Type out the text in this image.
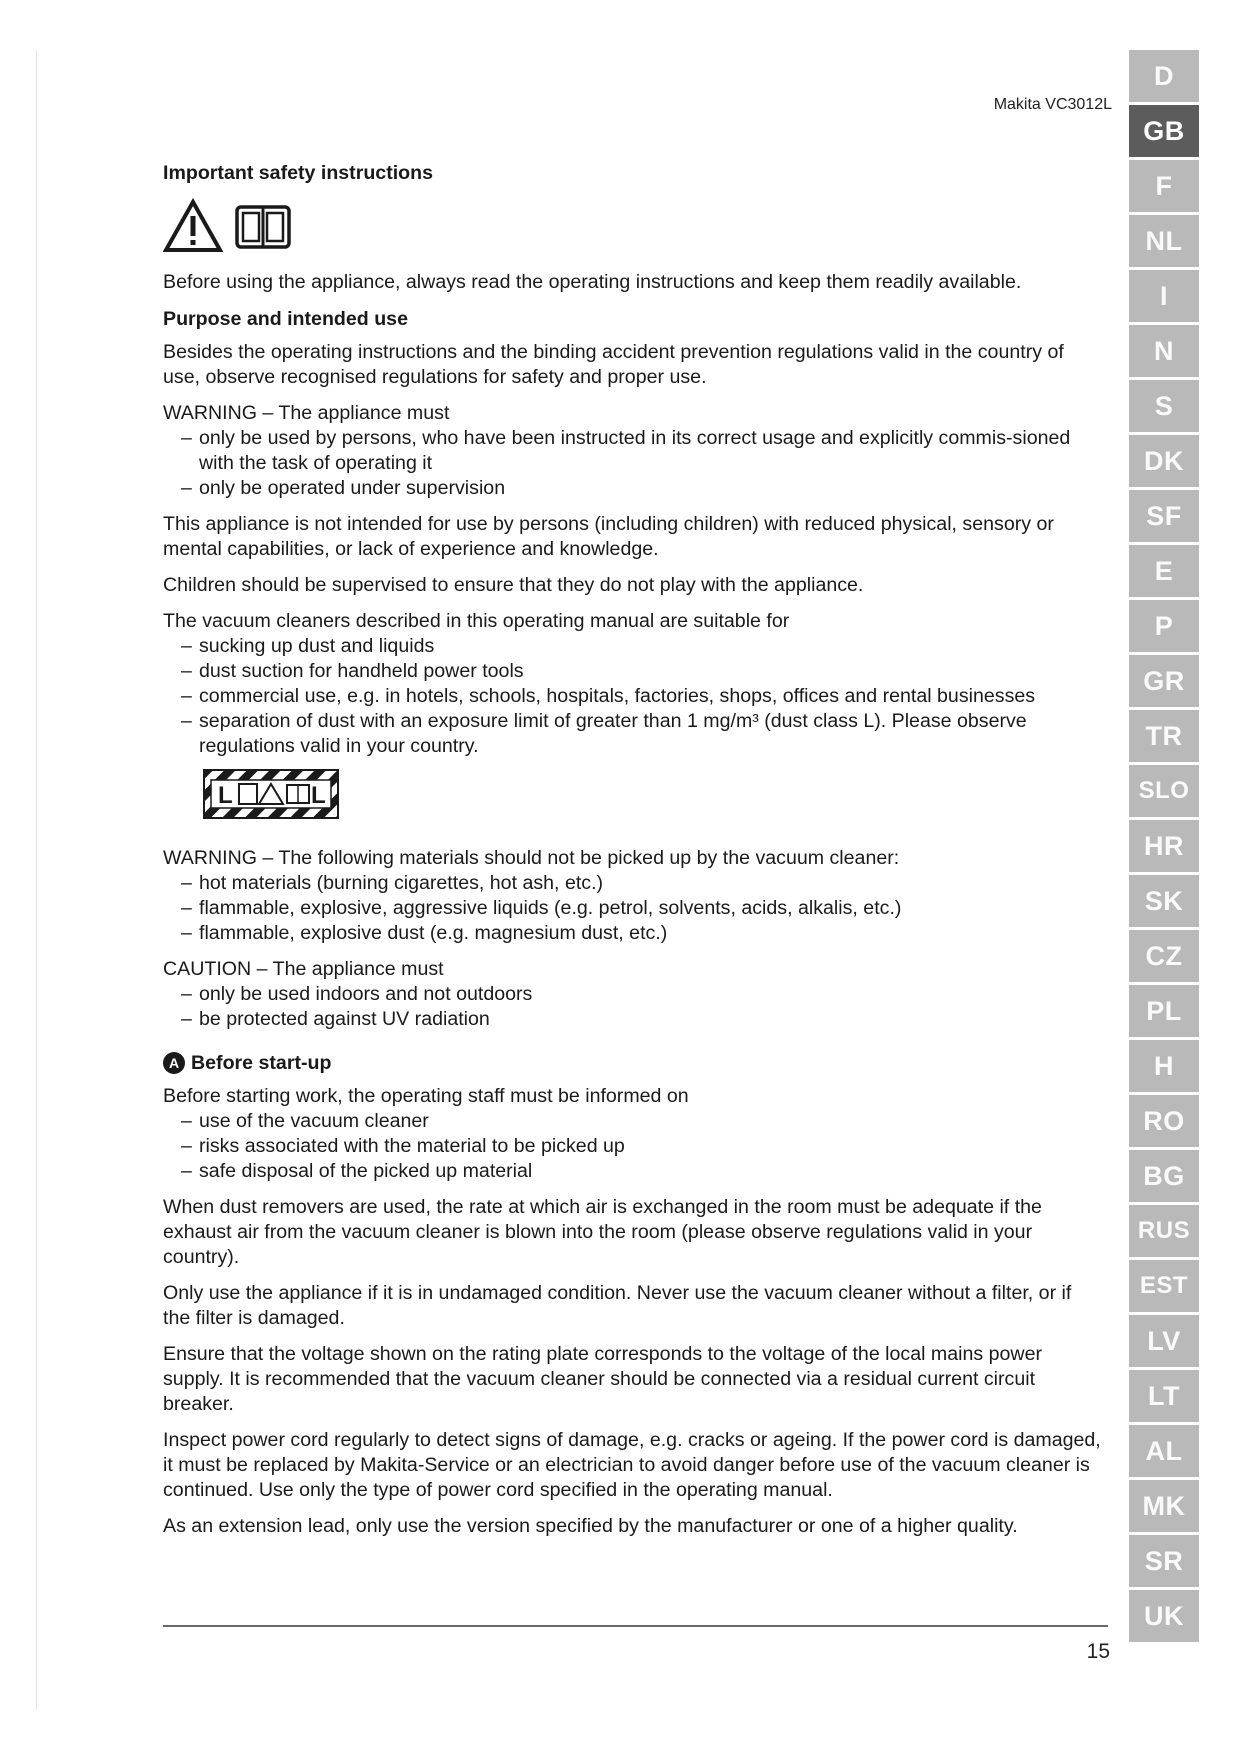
Makita VC3012L
Important safety instructions

Before using the appliance, always read the operating instructions and keep them readily available.

Purpose and intended use

Besides the operating instructions and the binding accident prevention regulations valid in the country of use, observe recognised regulations for safety and proper use.

WARNING – The appliance must
– only be used by persons, who have been instructed in its correct usage and explicitly commis-sioned with the task of operating it
– only be operated under supervision

This appliance is not intended for use by persons (including children) with reduced physical, sensory or mental capabilities, or lack of experience and knowledge.

Children should be supervised to ensure that they do not play with the appliance.

The vacuum cleaners described in this operating manual are suitable for
– sucking up dust and liquids
– dust suction for handheld power tools
– commercial use, e.g. in hotels, schools, hospitals, factories, shops, offices and rental businesses
– separation of dust with an exposure limit of greater than 1 mg/m³ (dust class L). Please observe regulations valid in your country.
L	L
WARNING – The following materials should not be picked up by the vacuum cleaner:
– hot materials (burning cigarettes, hot ash, etc.)
– flammable, explosive, aggressive liquids (e.g. petrol, solvents, acids, alkalis, etc.)
– flammable, explosive dust (e.g. magnesium dust, etc.)
CAUTION – The appliance must
– only be used indoors and not outdoors
– be protected against UV radiation
A Before start-up
Before starting work, the operating staff must be informed on
– use of the vacuum cleaner
– risks associated with the material to be picked up
– safe disposal of the picked up material

When dust removers are used, the rate at which air is exchanged in the room must be adequate if the exhaust air from the vacuum cleaner is blown into the room (please observe regulations valid in your country).

Only use the appliance if it is in undamaged condition. Never use the vacuum cleaner without a filter, or if the filter is damaged.

Ensure that the voltage shown on the rating plate corresponds to the voltage of the local mains power supply. It is recommended that the vacuum cleaner should be connected via a residual current circuit breaker.

Inspect power cord regularly to detect signs of damage, e.g. cracks or ageing. If the power cord is damaged, it must be replaced by Makita-Service or an electrician to avoid danger before use of the vacuum cleaner is continued. Use only the type of power cord specified in the operating manual.

As an extension lead, only use the version specified by the manufacturer or one of a higher quality.

15
D
GB
F
NL
I
N
S
DK
SF
E
P
GR
TR
SLO
HR
SK
CZ
PL
H
RO
BG
RUS
EST
LV
LT
AL
MK
SR
UK
